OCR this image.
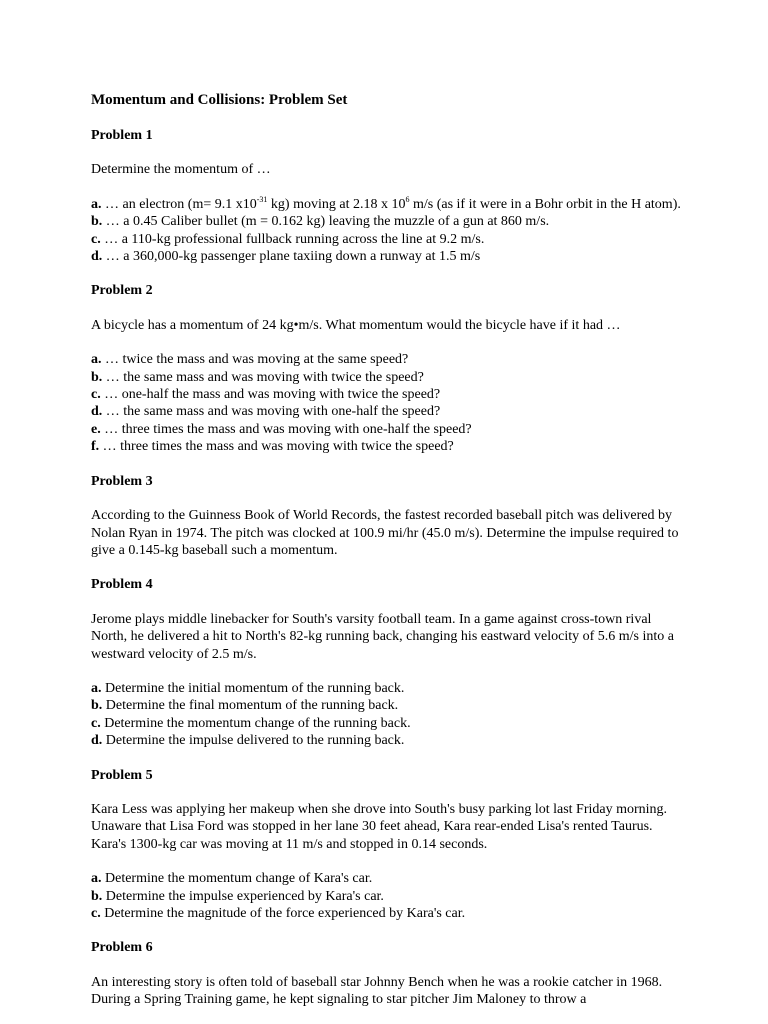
Momentum and Collisions: Problem Set
Problem 1
Determine the momentum of …
a. … an electron (m= 9.1 $x10^{-31}$ kg) moving at 2.18 x $10^6$ m/s (as if it were in a Bohr orbit in the H atom).
b. … a 0.45 Caliber bullet (m = 0.162 kg) leaving the muzzle of a gun at 860 m/s.
c. … a 110-kg professional fullback running across the line at 9.2 m/s.
d. … a 360,000-kg passenger plane taxiing down a runway at 1.5 m/s
Problem 2
A bicycle has a momentum of 24 kg•m/s. What momentum would the bicycle have if it had …
a. … twice the mass and was moving at the same speed?
b. … the same mass and was moving with twice the speed?
c. … one-half the mass and was moving with twice the speed?
d. … the same mass and was moving with one-half the speed?
e. … three times the mass and was moving with one-half the speed?
f. … three times the mass and was moving with twice the speed?
Problem 3
According to the Guinness Book of World Records, the fastest recorded baseball pitch was delivered by Nolan Ryan in 1974. The pitch was clocked at 100.9 mi/hr (45.0 m/s). Determine the impulse required to give a 0.145-kg baseball such a momentum.
Problem 4
Jerome plays middle linebacker for South's varsity football team. In a game against cross-town rival North, he delivered a hit to North's 82-kg running back, changing his eastward velocity of 5.6 m/s into a westward velocity of 2.5 m/s.
a. Determine the initial momentum of the running back.
b. Determine the final momentum of the running back.
c. Determine the momentum change of the running back.
d. Determine the impulse delivered to the running back.
Problem 5
Kara Less was applying her makeup when she drove into South's busy parking lot last Friday morning. Unaware that Lisa Ford was stopped in her lane 30 feet ahead, Kara rear-ended Lisa's rented Taurus. Kara's 1300-kg car was moving at 11 m/s and stopped in 0.14 seconds.
a. Determine the momentum change of Kara's car.
b. Determine the impulse experienced by Kara's car.
c. Determine the magnitude of the force experienced by Kara's car.
Problem 6
An interesting story is often told of baseball star Johnny Bench when he was a rookie catcher in 1968. During a Spring Training game, he kept signaling to star pitcher Jim Maloney to throw a
